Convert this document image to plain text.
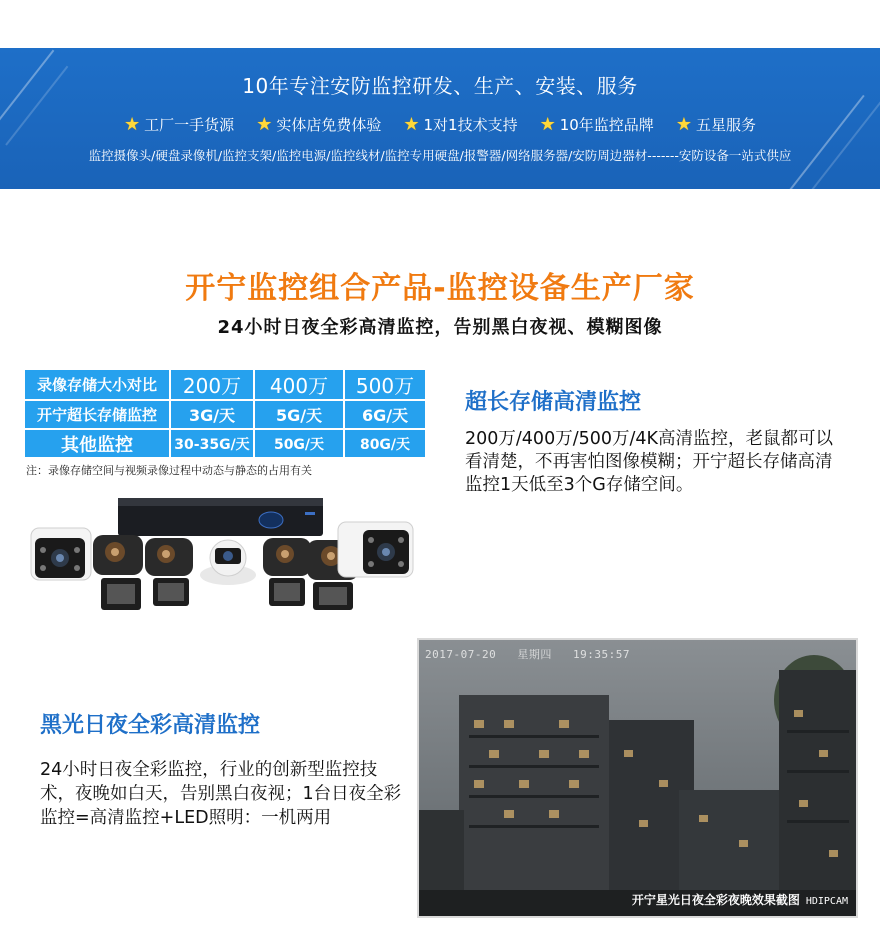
10年专注安防监控研发、生产、安装、服务
★ 工厂一手货源 ★ 实体店免费体验 ★ 1对1技术支持 ★ 10年监控品牌 ★ 五星服务
监控摄像头/硬盘录像机/监控支架/监控电源/监控线材/监控专用硬盘/报警器/网络服务器/安防周边器材-------安防设备一站式供应
开宁监控组合产品-监控设备生产厂家
24小时日夜全彩高清监控，告别黑白夜视、模糊图像
录像存储大小对比	200万	400万	500万
开宁超长存储监控	3G/天	5G/天	6G/天
其他监控	30-35G/天	50G/天	80G/天
注：录像存储空间与视频录像过程中动态与静态的占用有关
超长存储高清监控
200万/400万/500万/4K高清监控，老鼠都可以看清楚，不再害怕图像模糊；开宁超长存储高清监控1天低至3个G存储空间。
黑光日夜全彩高清监控
24小时日夜全彩监控，行业的创新型监控技术，夜晚如白天，告别黑白夜视；1台日夜全彩监控=高清监控+LED照明：一机两用
2017-07-20 星期四 19:35:57
开宁星光日夜全彩夜晚效果截图 HDIPCAM
